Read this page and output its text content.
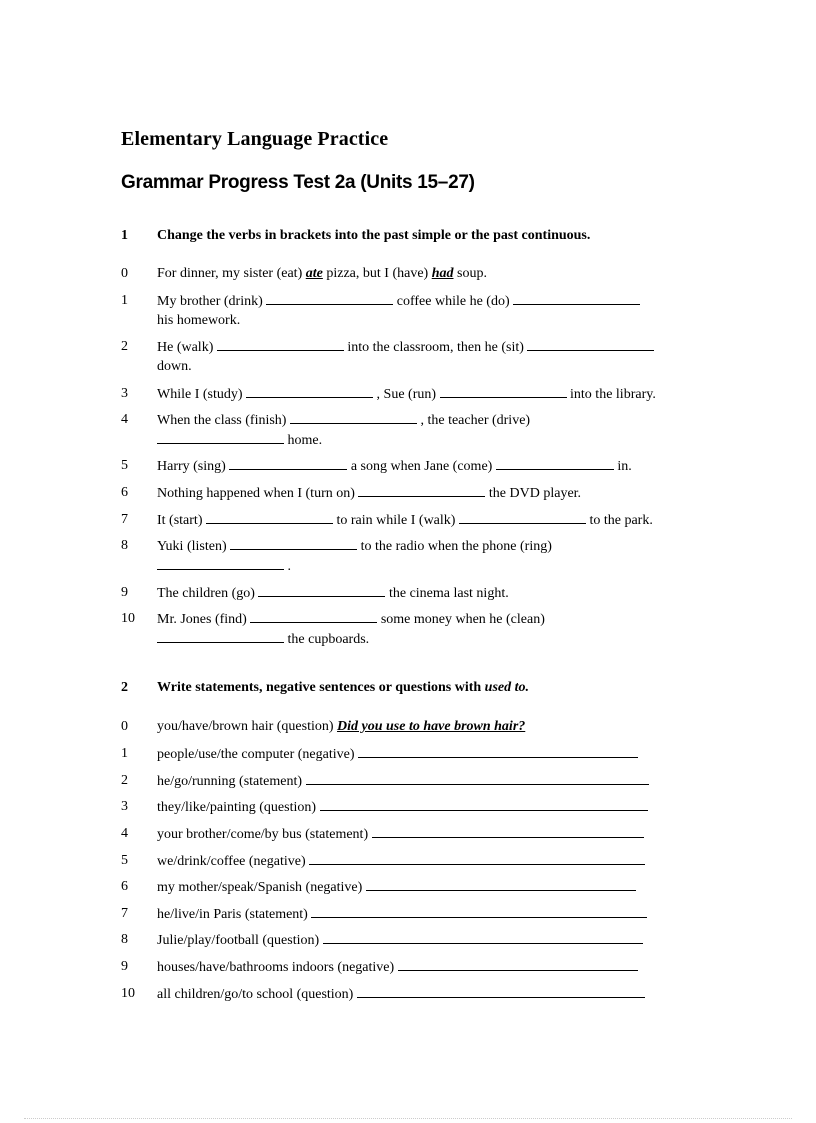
Elementary Language Practice
Grammar Progress Test 2a (Units 15–27)
1 Change the verbs in brackets into the past simple or the past continuous.
0	For dinner, my sister (eat) ate pizza, but I (have) had soup.
1	My brother (drink)	coffee while he (do)
his homework.
2	He (walk)	into the classroom, then he (sit)
down.
3	While I (study)	, Sue (run)	into the library.
4	When the class (finish)	, the teacher (drive)
home.
5	Harry (sing)	a song when Jane (come)	in.
6	Nothing happened when I (turn on)	the DVD player.
7	It (start)	to rain while I (walk)	to the park.
8	Yuki (listen)	to the radio when the phone (ring)
.
9	The children (go)	the cinema last night.
10	Mr. Jones (find)	some money when he (clean)
the cupboards.
2 Write statements, negative sentences or questions with used to.
0	you/have/brown hair (question) Did you use to have brown hair?
1	people/use/the computer (negative)
2	he/go/running (statement)
3	they/like/painting (question)
4	your brother/come/by bus (statement)
5	we/drink/coffee (negative)
6	my mother/speak/Spanish (negative)
7	he/live/in Paris (statement)
8	Julie/play/football (question)
9	houses/have/bathrooms indoors (negative)
10	all children/go/to school (question)
